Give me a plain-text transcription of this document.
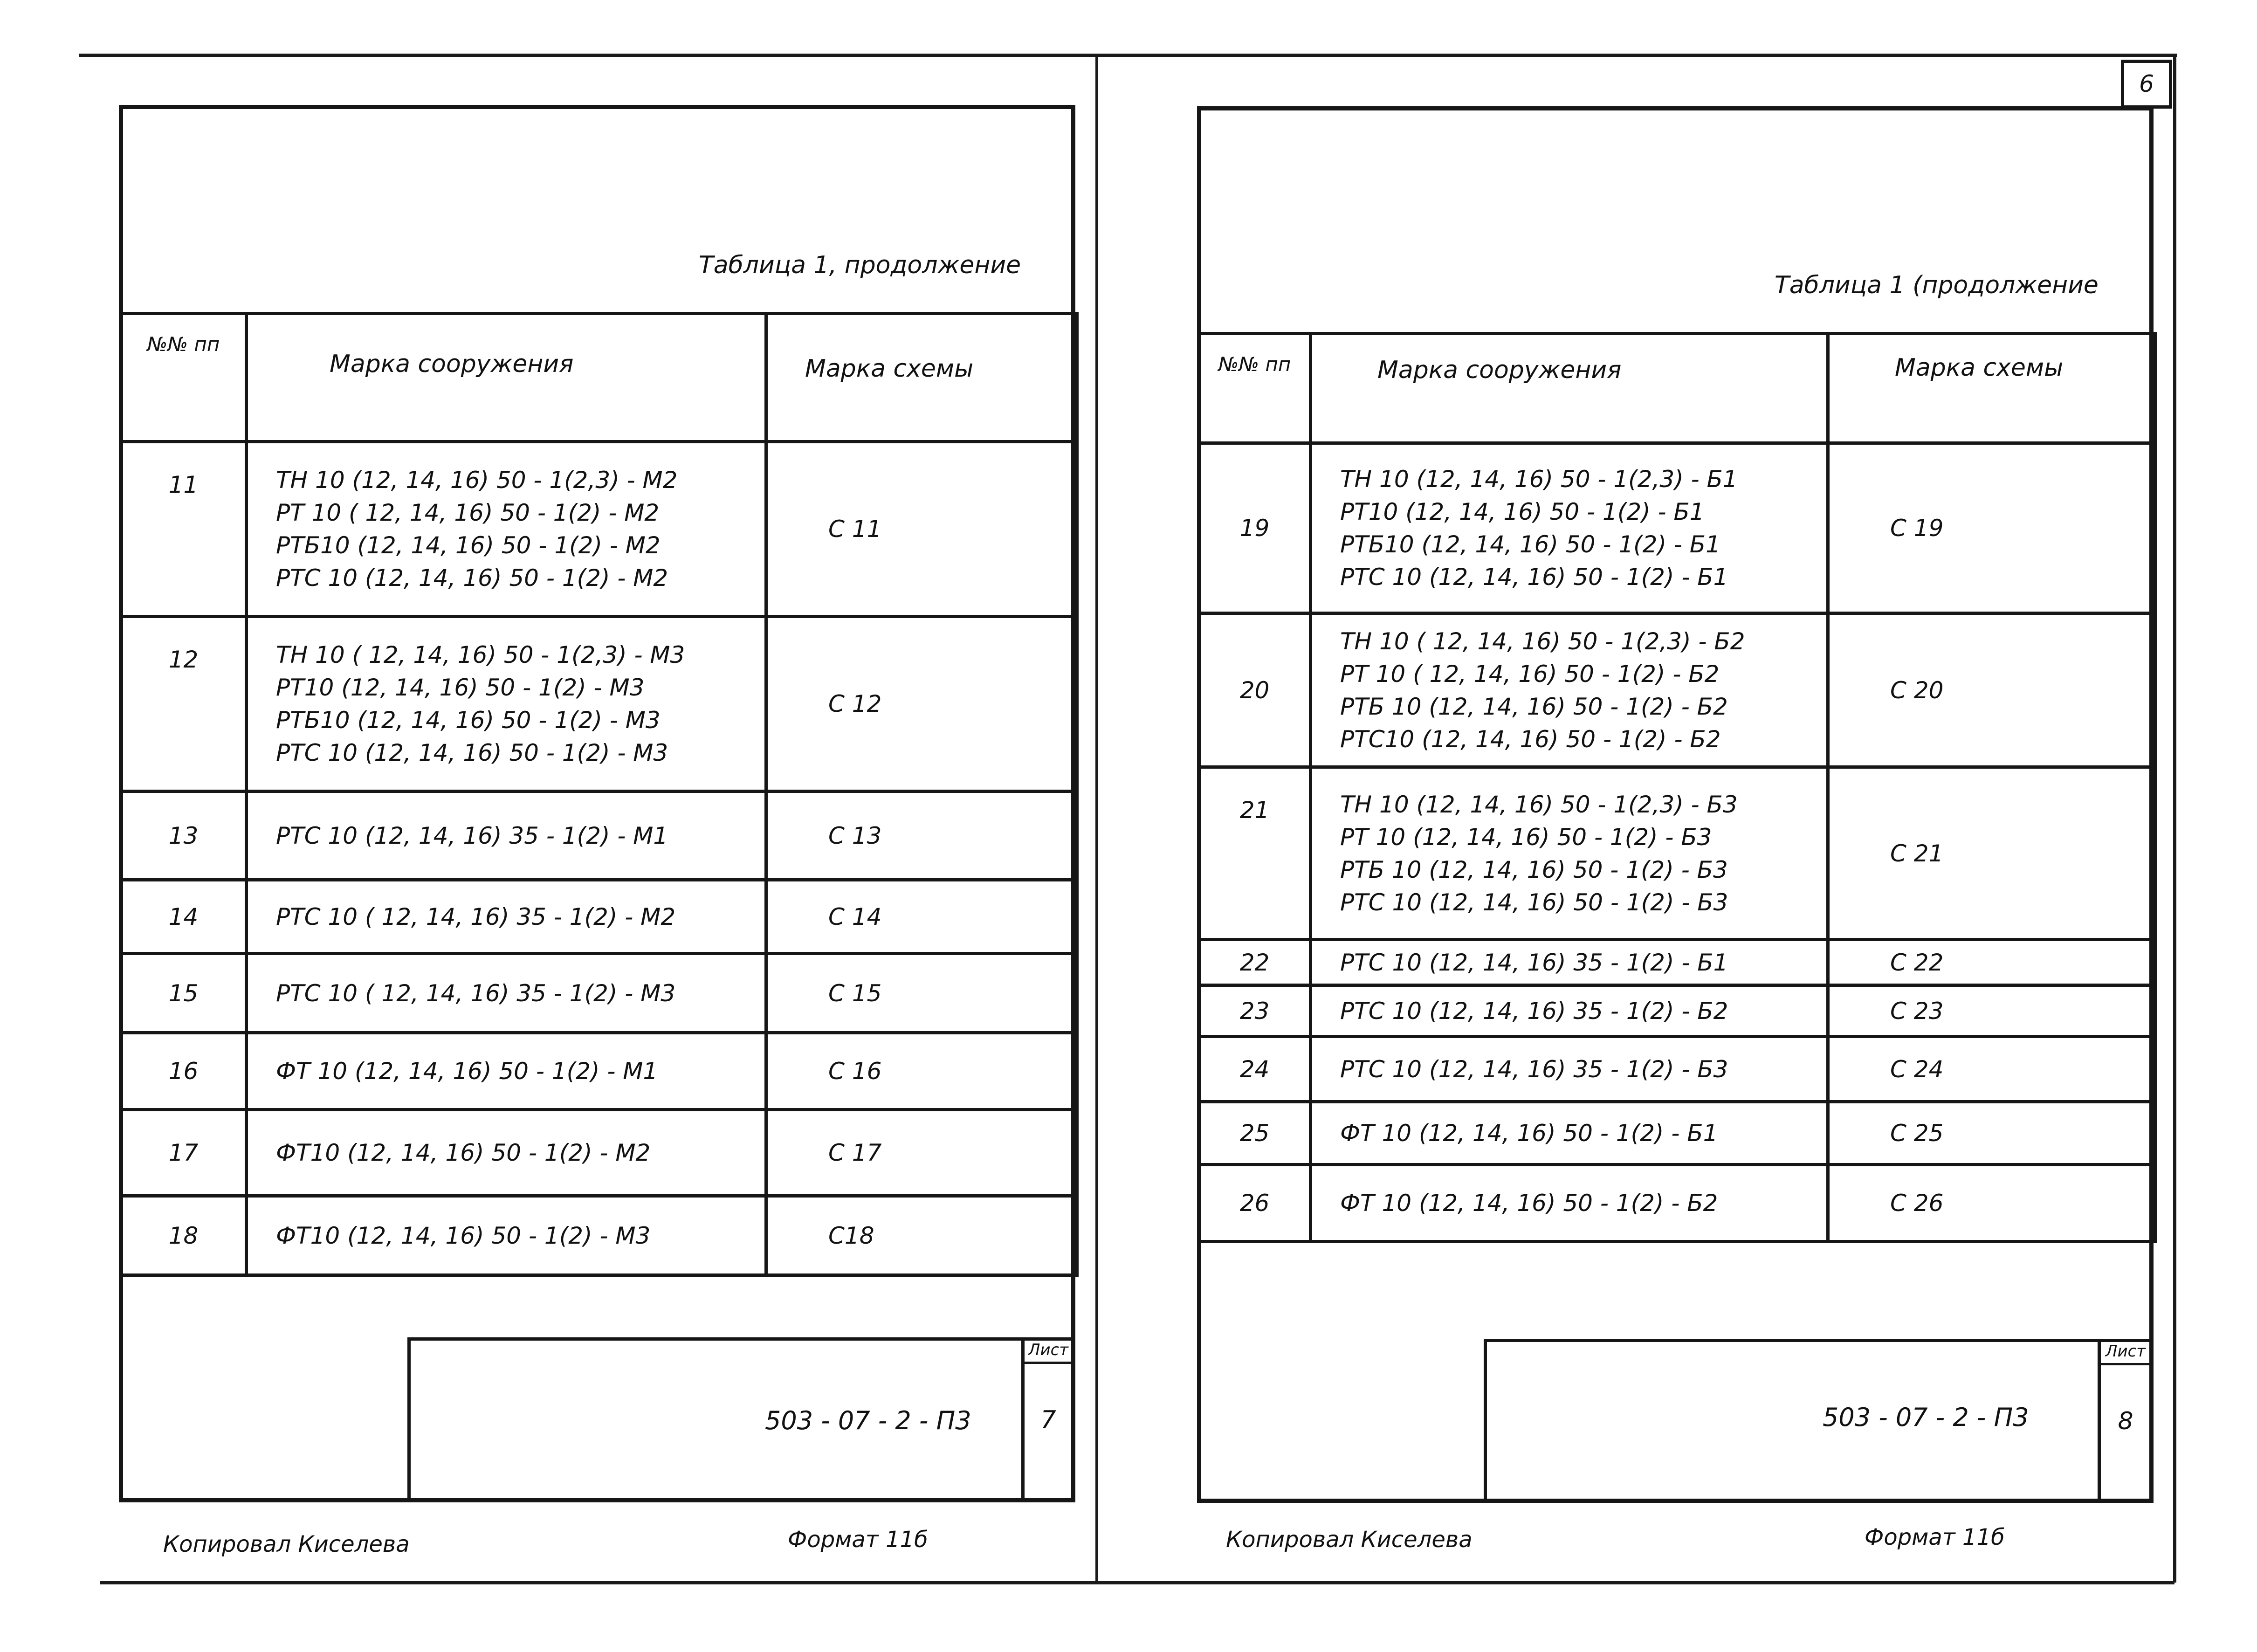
6
Таблица 1, продолжение
№№ пп	Марка сооружения	Марка схемы
11	ТН 10 (12, 14, 16) 50 - 1(2,3) - М2
РТ 10 ( 12, 14, 16) 50 - 1(2) - М2
РТБ10 (12, 14, 16) 50 - 1(2) - М2
РТС 10 (12, 14, 16) 50 - 1(2) - М2	С 11
12	ТН 10 ( 12, 14, 16) 50 - 1(2,3) - М3
РТ10 (12, 14, 16) 50 - 1(2) - М3
РТБ10 (12, 14, 16) 50 - 1(2) - М3
РТС 10 (12, 14, 16) 50 - 1(2) - М3	С 12
13	РТС 10 (12, 14, 16) 35 - 1(2) - М1	С 13
14	РТС 10 ( 12, 14, 16) 35 - 1(2) - М2	С 14
15	РТС 10 ( 12, 14, 16) 35 - 1(2) - М3	С 15
16	ФТ 10 (12, 14, 16) 50 - 1(2) - М1	С 16
17	ФТ10 (12, 14, 16) 50 - 1(2) - М2	С 17
18	ФТ10 (12, 14, 16) 50 - 1(2) - М3	С18
503 - 07 - 2 - П3
Лист
7
Копировал Киселева	Формат 11б
Таблица 1 (продолжение
№№ пп	Марка сооружения	Марка схемы
19	ТН 10 (12, 14, 16) 50 - 1(2,3) - Б1
РТ10 (12, 14, 16) 50 - 1(2) - Б1
РТБ10 (12, 14, 16) 50 - 1(2) - Б1
РТС 10 (12, 14, 16) 50 - 1(2) - Б1	С 19
20	ТН 10 ( 12, 14, 16) 50 - 1(2,3) - Б2
РТ 10 ( 12, 14, 16) 50 - 1(2) - Б2
РТБ 10 (12, 14, 16) 50 - 1(2) - Б2
РТС10 (12, 14, 16) 50 - 1(2) - Б2	С 20
21	ТН 10 (12, 14, 16) 50 - 1(2,3) - Б3
РТ 10 (12, 14, 16) 50 - 1(2) - Б3
РТБ 10 (12, 14, 16) 50 - 1(2) - Б3
РТС 10 (12, 14, 16) 50 - 1(2) - Б3	С 21
22	РТС 10 (12, 14, 16) 35 - 1(2) - Б1	С 22
23	РТС 10 (12, 14, 16) 35 - 1(2) - Б2	С 23
24	РТС 10 (12, 14, 16) 35 - 1(2) - Б3	С 24
25	ФТ 10 (12, 14, 16) 50 - 1(2) - Б1	С 25
26	ФТ 10 (12, 14, 16) 50 - 1(2) - Б2	С 26
503 - 07 - 2 - П3
Лист
8
Копировал Киселева	Формат 11б
